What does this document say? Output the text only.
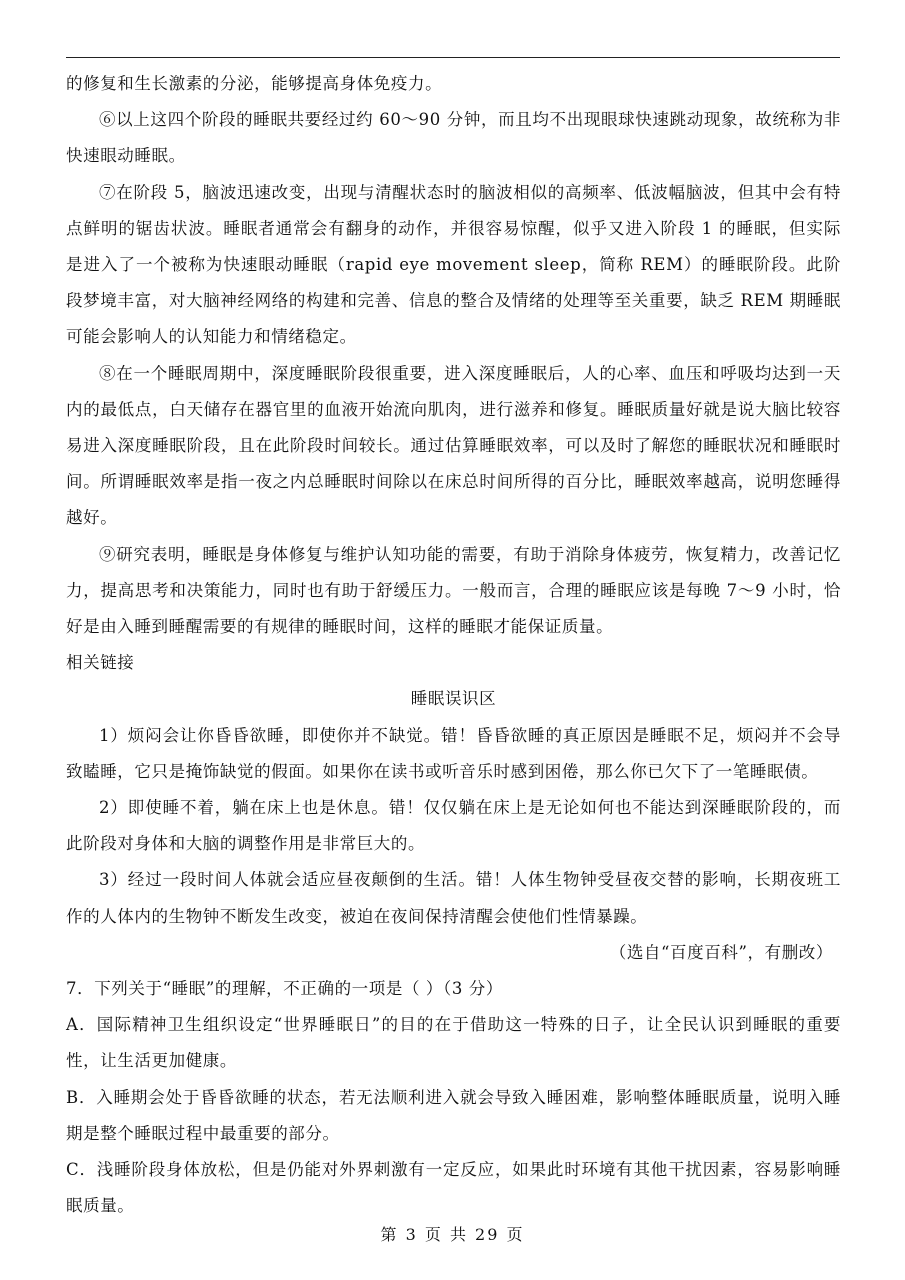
的修复和生长激素的分泌，能够提高身体免疫力。

⑥以上这四个阶段的睡眠共要经过约 60～90 分钟，而且均不出现眼球快速跳动现象，故统称为非快速眼动睡眠。

⑦在阶段 5，脑波迅速改变，出现与清醒状态时的脑波相似的高频率、低波幅脑波，但其中会有特点鲜明的锯齿状波。睡眠者通常会有翻身的动作，并很容易惊醒，似乎又进入阶段 1 的睡眠，但实际是进入了一个被称为快速眼动睡眠（rapid eye movement sleep，简称 REM）的睡眠阶段。此阶段梦境丰富，对大脑神经网络的构建和完善、信息的整合及情绪的处理等至关重要，缺乏 REM 期睡眠可能会影响人的认知能力和情绪稳定。

⑧在一个睡眠周期中，深度睡眠阶段很重要，进入深度睡眠后，人的心率、血压和呼吸均达到一天内的最低点，白天储存在器官里的血液开始流向肌肉，进行滋养和修复。睡眠质量好就是说大脑比较容易进入深度睡眠阶段，且在此阶段时间较长。通过估算睡眠效率，可以及时了解您的睡眠状况和睡眠时间。所谓睡眠效率是指一夜之内总睡眠时间除以在床总时间所得的百分比，睡眠效率越高，说明您睡得越好。

⑨研究表明，睡眠是身体修复与维护认知功能的需要，有助于消除身体疲劳，恢复精力，改善记忆力，提高思考和决策能力，同时也有助于舒缓压力。一般而言，合理的睡眠应该是每晚 7～9 小时，恰好是由入睡到睡醒需要的有规律的睡眠时间，这样的睡眠才能保证质量。

相关链接

睡眠误识区

1）烦闷会让你昏昏欲睡，即使你并不缺觉。错！昏昏欲睡的真正原因是睡眠不足，烦闷并不会导致瞌睡，它只是掩饰缺觉的假面。如果你在读书或听音乐时感到困倦，那么你已欠下了一笔睡眠债。

2）即使睡不着，躺在床上也是休息。错！仅仅躺在床上是无论如何也不能达到深睡眠阶段的，而此阶段对身体和大脑的调整作用是非常巨大的。

3）经过一段时间人体就会适应昼夜颠倒的生活。错！人体生物钟受昼夜交替的影响，长期夜班工作的人体内的生物钟不断发生改变，被迫在夜间保持清醒会使他们性情暴躁。

（选自“百度百科”，有删改）

7．下列关于“睡眠”的理解，不正确的一项是（ ）（3 分）

A．国际精神卫生组织设定“世界睡眠日”的目的在于借助这一特殊的日子，让全民认识到睡眠的重要性，让生活更加健康。

B．入睡期会处于昏昏欲睡的状态，若无法顺利进入就会导致入睡困难，影响整体睡眠质量，说明入睡期是整个睡眠过程中最重要的部分。

C．浅睡阶段身体放松，但是仍能对外界刺激有一定反应，如果此时环境有其他干扰因素，容易影响睡眠质量。

第 3 页 共 29 页
